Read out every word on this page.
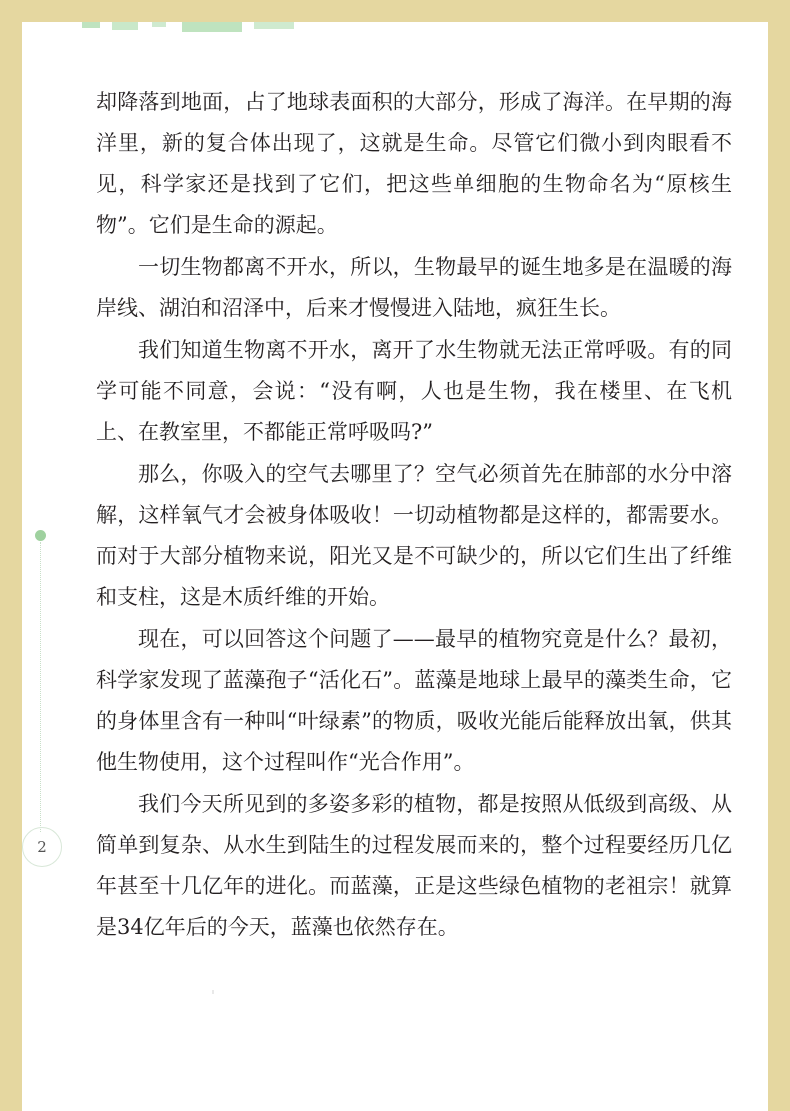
2

却降落到地面，占了地球表面积的大部分，形成了海洋。在早期的海洋里，新的复合体出现了，这就是生命。尽管它们微小到肉眼看不见，科学家还是找到了它们，把这些单细胞的生物命名为“原核生物”。它们是生命的源起。

一切生物都离不开水，所以，生物最早的诞生地多是在温暖的海岸线、湖泊和沼泽中，后来才慢慢进入陆地，疯狂生长。

我们知道生物离不开水，离开了水生物就无法正常呼吸。有的同学可能不同意，会说：“没有啊，人也是生物，我在楼里、在飞机上、在教室里，不都能正常呼吸吗?”

那么，你吸入的空气去哪里了？空气必须首先在肺部的水分中溶解，这样氧气才会被身体吸收！一切动植物都是这样的，都需要水。而对于大部分植物来说，阳光又是不可缺少的，所以它们生出了纤维和支柱，这是木质纤维的开始。

现在，可以回答这个问题了——最早的植物究竟是什么？最初，科学家发现了蓝藻孢子“活化石”。蓝藻是地球上最早的藻类生命，它的身体里含有一种叫“叶绿素”的物质，吸收光能后能释放出氧，供其他生物使用，这个过程叫作“光合作用”。

我们今天所见到的多姿多彩的植物，都是按照从低级到高级、从简单到复杂、从水生到陆生的过程发展而来的，整个过程要经历几亿年甚至十几亿年的进化。而蓝藻，正是这些绿色植物的老祖宗！就算是34亿年后的今天，蓝藻也依然存在。
